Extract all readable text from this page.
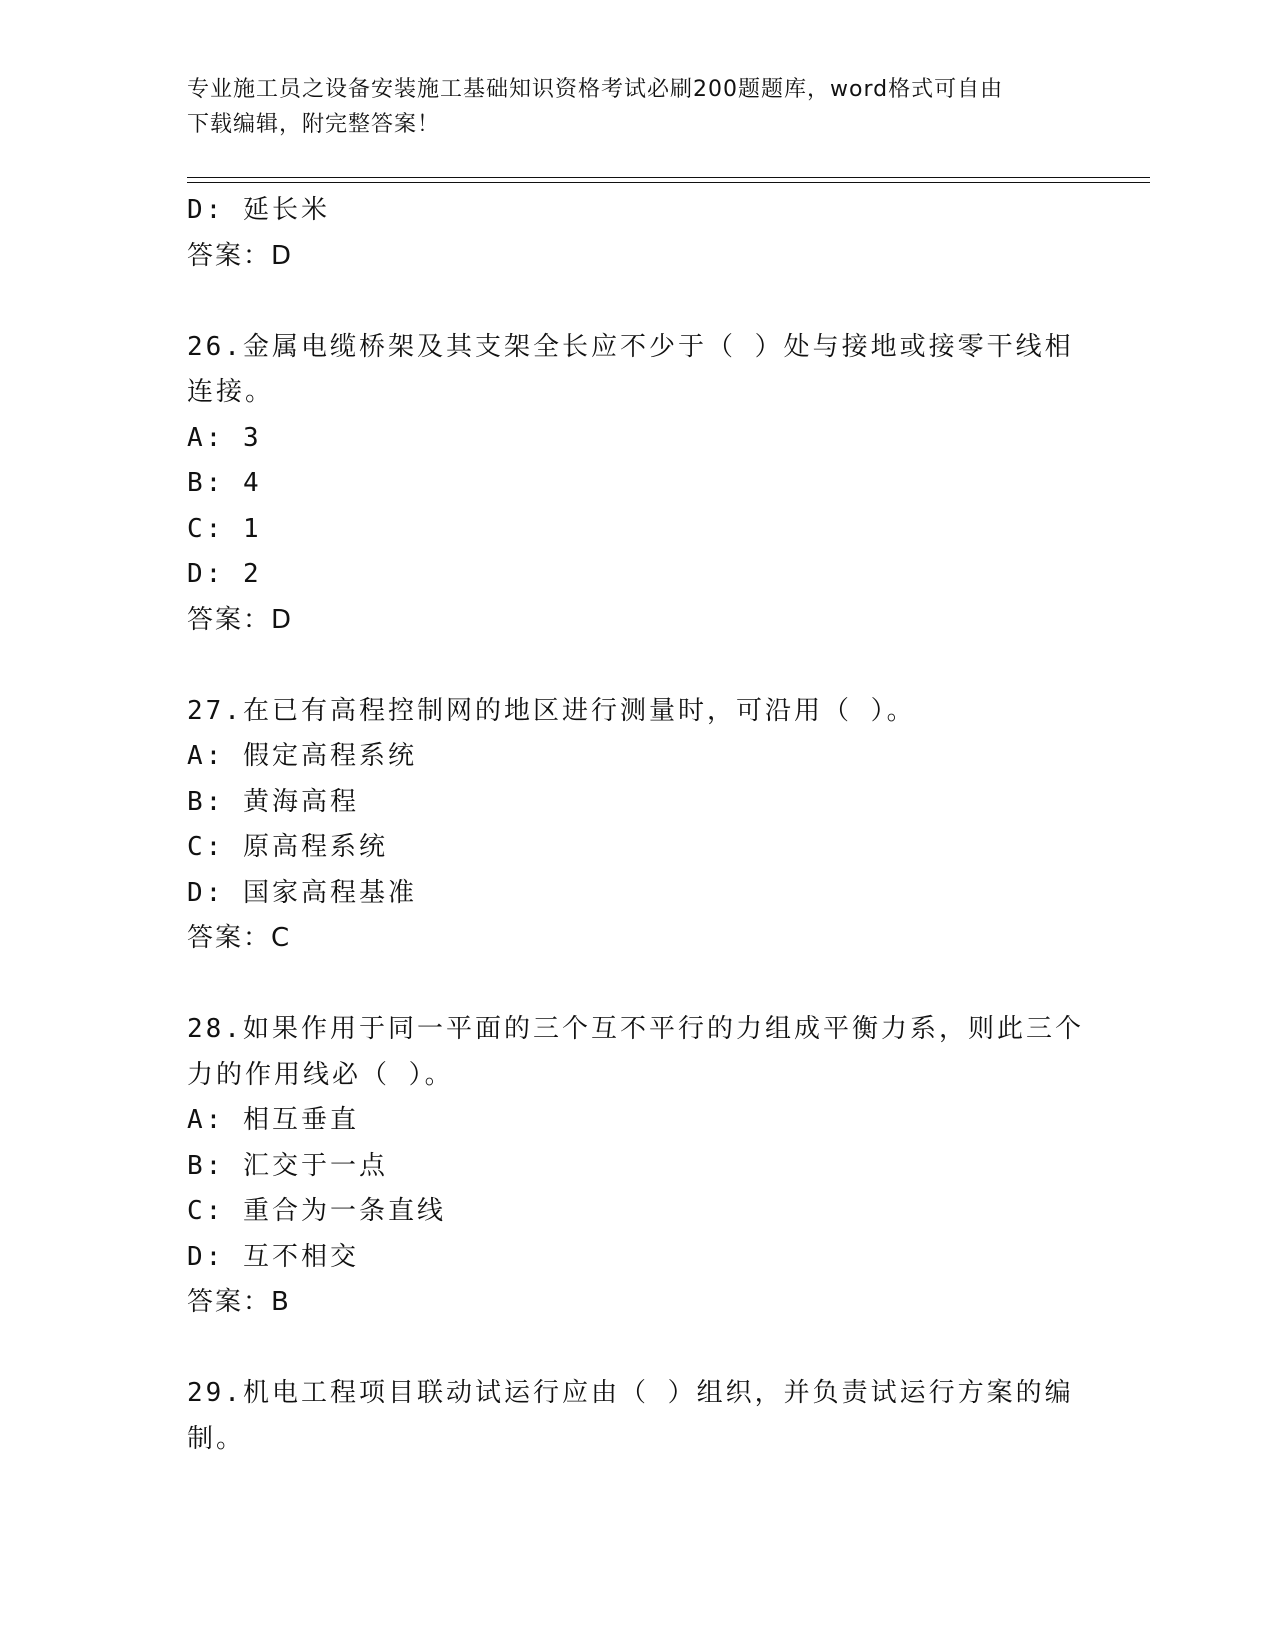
专业施工员之设备安装施工基础知识资格考试必刷200题题库，word格式可自由
下载编辑，附完整答案！
D: 延长米
答案：D
26.金属电缆桥架及其支架全长应不少于（ ）处与接地或接零干线相
连接。
A: 3
B: 4
C: 1
D: 2
答案：D
27.在已有高程控制网的地区进行测量时，可沿用（ ）。
A: 假定高程系统
B: 黄海高程
C: 原高程系统
D: 国家高程基准
答案：C
28.如果作用于同一平面的三个互不平行的力组成平衡力系，则此三个
力的作用线必（ ）。
A: 相互垂直
B: 汇交于一点
C: 重合为一条直线
D: 互不相交
答案：B
29.机电工程项目联动试运行应由（ ）组织，并负责试运行方案的编
制。
